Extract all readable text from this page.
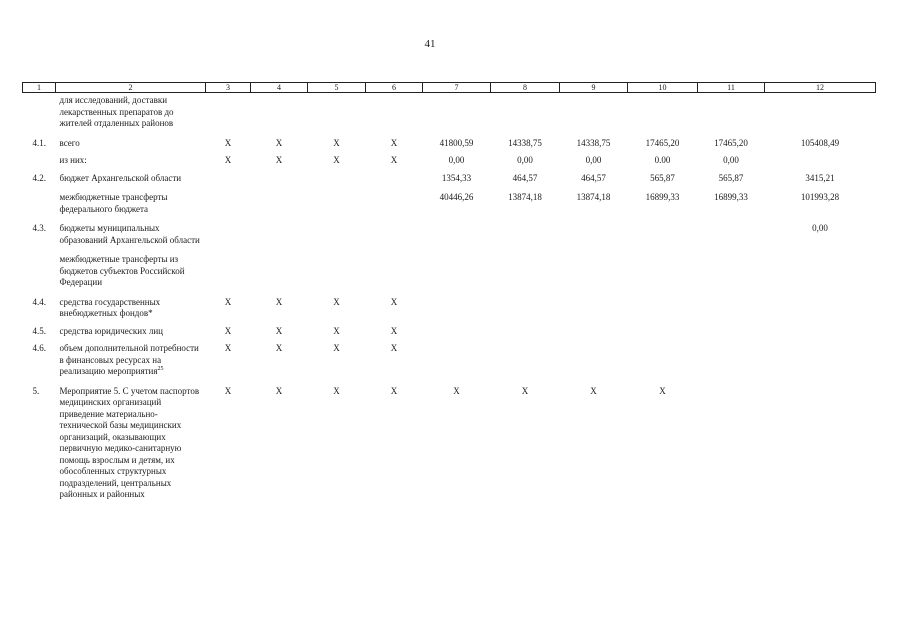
41
1	2	3	4	5	6	7	8	9	10	11	12
	для исследований, доставки лекарственных препаратов до жителей отдаленных районов										
4.1.	всего	X	X	X	X	41800,59	14338,75	14338,75	17465,20	17465,20	105408,49
	из них:	X	X	X	X	0,00	0,00	0,00	0.00	0,00	
4.2.	бюджет Архангельской области					1354,33	464,57	464,57	565,87	565,87	3415,21
	межбюджетные трансферты федерального бюджета					40446,26	13874,18	13874,18	16899,33	16899,33	101993,28
4.3.	бюджеты муниципальных образований Архангельской области										0,00
	межбюджетные трансферты из бюджетов субъектов Российской Федерации										
4.4.	средства государственных внебюджетных фондов*	X	X	X	X						
4.5.	средства юридических лиц	X	X	X	X						
4.6.	объем дополнительной потребности в финансовых ресурсах на реализацию мероприятия$^{25}$	X	X	X	X						
5.	Мероприятие 5. С учетом паспортов медицинских организаций приведение материально-технической базы медицинских организаций, оказывающих первичную медико-санитарную помощь взрослым и детям, их обособленных структурных подразделений, центральных районных и районных	X	X	X	X	X	X	X	X		
